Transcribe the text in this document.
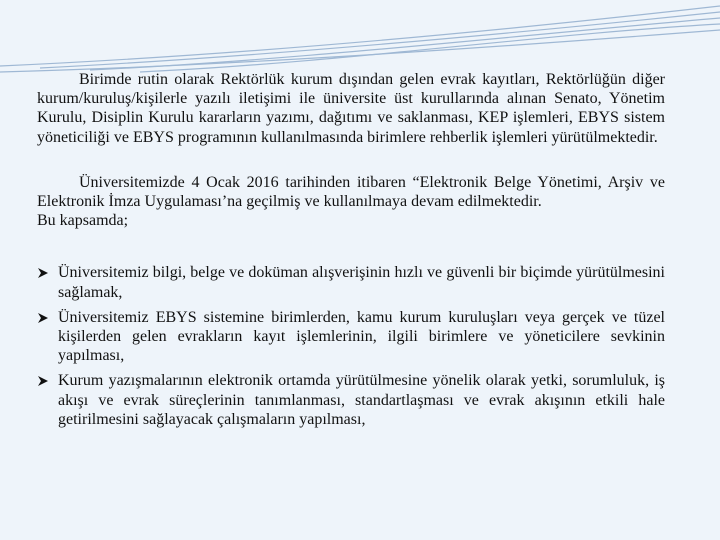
Birimde rutin olarak Rektörlük kurum dışından gelen evrak kayıtları, Rektörlüğün diğer kurum/kuruluş/kişilerle yazılı iletişimi ile üniversite üst kurullarında alınan Senato, Yönetim Kurulu, Disiplin Kurulu kararların yazımı, dağıtımı ve saklanması, KEP işlemleri, EBYS sistem yöneticiliği ve EBYS programının kullanılmasında birimlere rehberlik işlemleri yürütülmektedir.

Üniversitemizde 4 Ocak 2016 tarihinden itibaren “Elektronik Belge Yönetimi, Arşiv ve Elektronik İmza Uygulaması’na geçilmiş ve kullanılmaya devam edilmektedir.

Bu kapsamda;

Üniversitemiz bilgi, belge ve doküman alışverişinin hızlı ve güvenli bir biçimde yürütülmesini sağlamak,
Üniversitemiz EBYS sistemine birimlerden, kamu kurum kuruluşları veya gerçek ve tüzel kişilerden gelen evrakların kayıt işlemlerinin, ilgili birimlere ve yöneticilere sevkinin yapılması,
Kurum yazışmalarının elektronik ortamda yürütülmesine yönelik olarak yetki, sorumluluk, iş akışı ve evrak süreçlerinin tanımlanması, standartlaşması ve evrak akışının etkili hale getirilmesini sağlayacak çalışmaların yapılması,
